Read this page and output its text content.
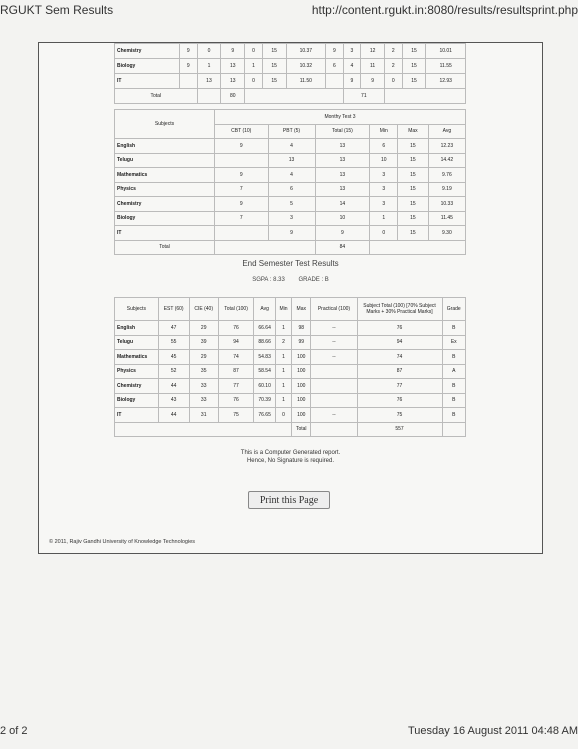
RGUKT Sem Results	http://content.rgukt.in:8080/results/resultsprint.php
Chemistry	9	0	9	0	15	10.37	9	3	12	2	15	10.01
Biology	9	1	13	1	15	10.32	6	4	11	2	15	11.55
IT		13	13	0	15	11.50		9	9	0	15	12.93
Total			80					71				
Subjects	Monthy Test 3					
	CBT (10)	PBT (5)	Total (15)	Min	Max	Avg
English	9	4	13	6	15	12.23
Telugu		13	13	10	15	14.42
Mathematics	9	4	13	3	15	9.76
Physics	7	6	13	3	15	9.19
Chemistry	9	5	14	3	15	10.33
Biology	7	3	10	1	15	11.45
IT		9	9	0	15	9.30
Total			84			
End Semester Test Results
SGPA : 8.33 GRADE : B
Subjects	EST (60)	CIE (40)	Total (100)	Avg	Min	Max	Practical (100)	Subject Total (100) [70% Subject Marks + 30% Practical Marks]	Grade
English	47	29	76	66.64	1	98	--	76	B
Telugu	55	39	94	88.66	2	99	--	94	Ex
Mathematics	45	29	74	54.83	1	100	--	74	B
Physics	52	35	87	58.54	1	100		87	A
Chemistry	44	33	77	60.10	1	100		77	B
Biology	43	33	76	70.39	1	100		76	B
IT	44	31	75	76.65	0	100	--	75	B
						Total		557	
This is a Computer Generated report.
Hence, No Signature is required.
Print this Page
© 2011, Rajiv Gandhi University of Knowledge Technologies
2 of 2	Tuesday 16 August 2011 04:48 AM
